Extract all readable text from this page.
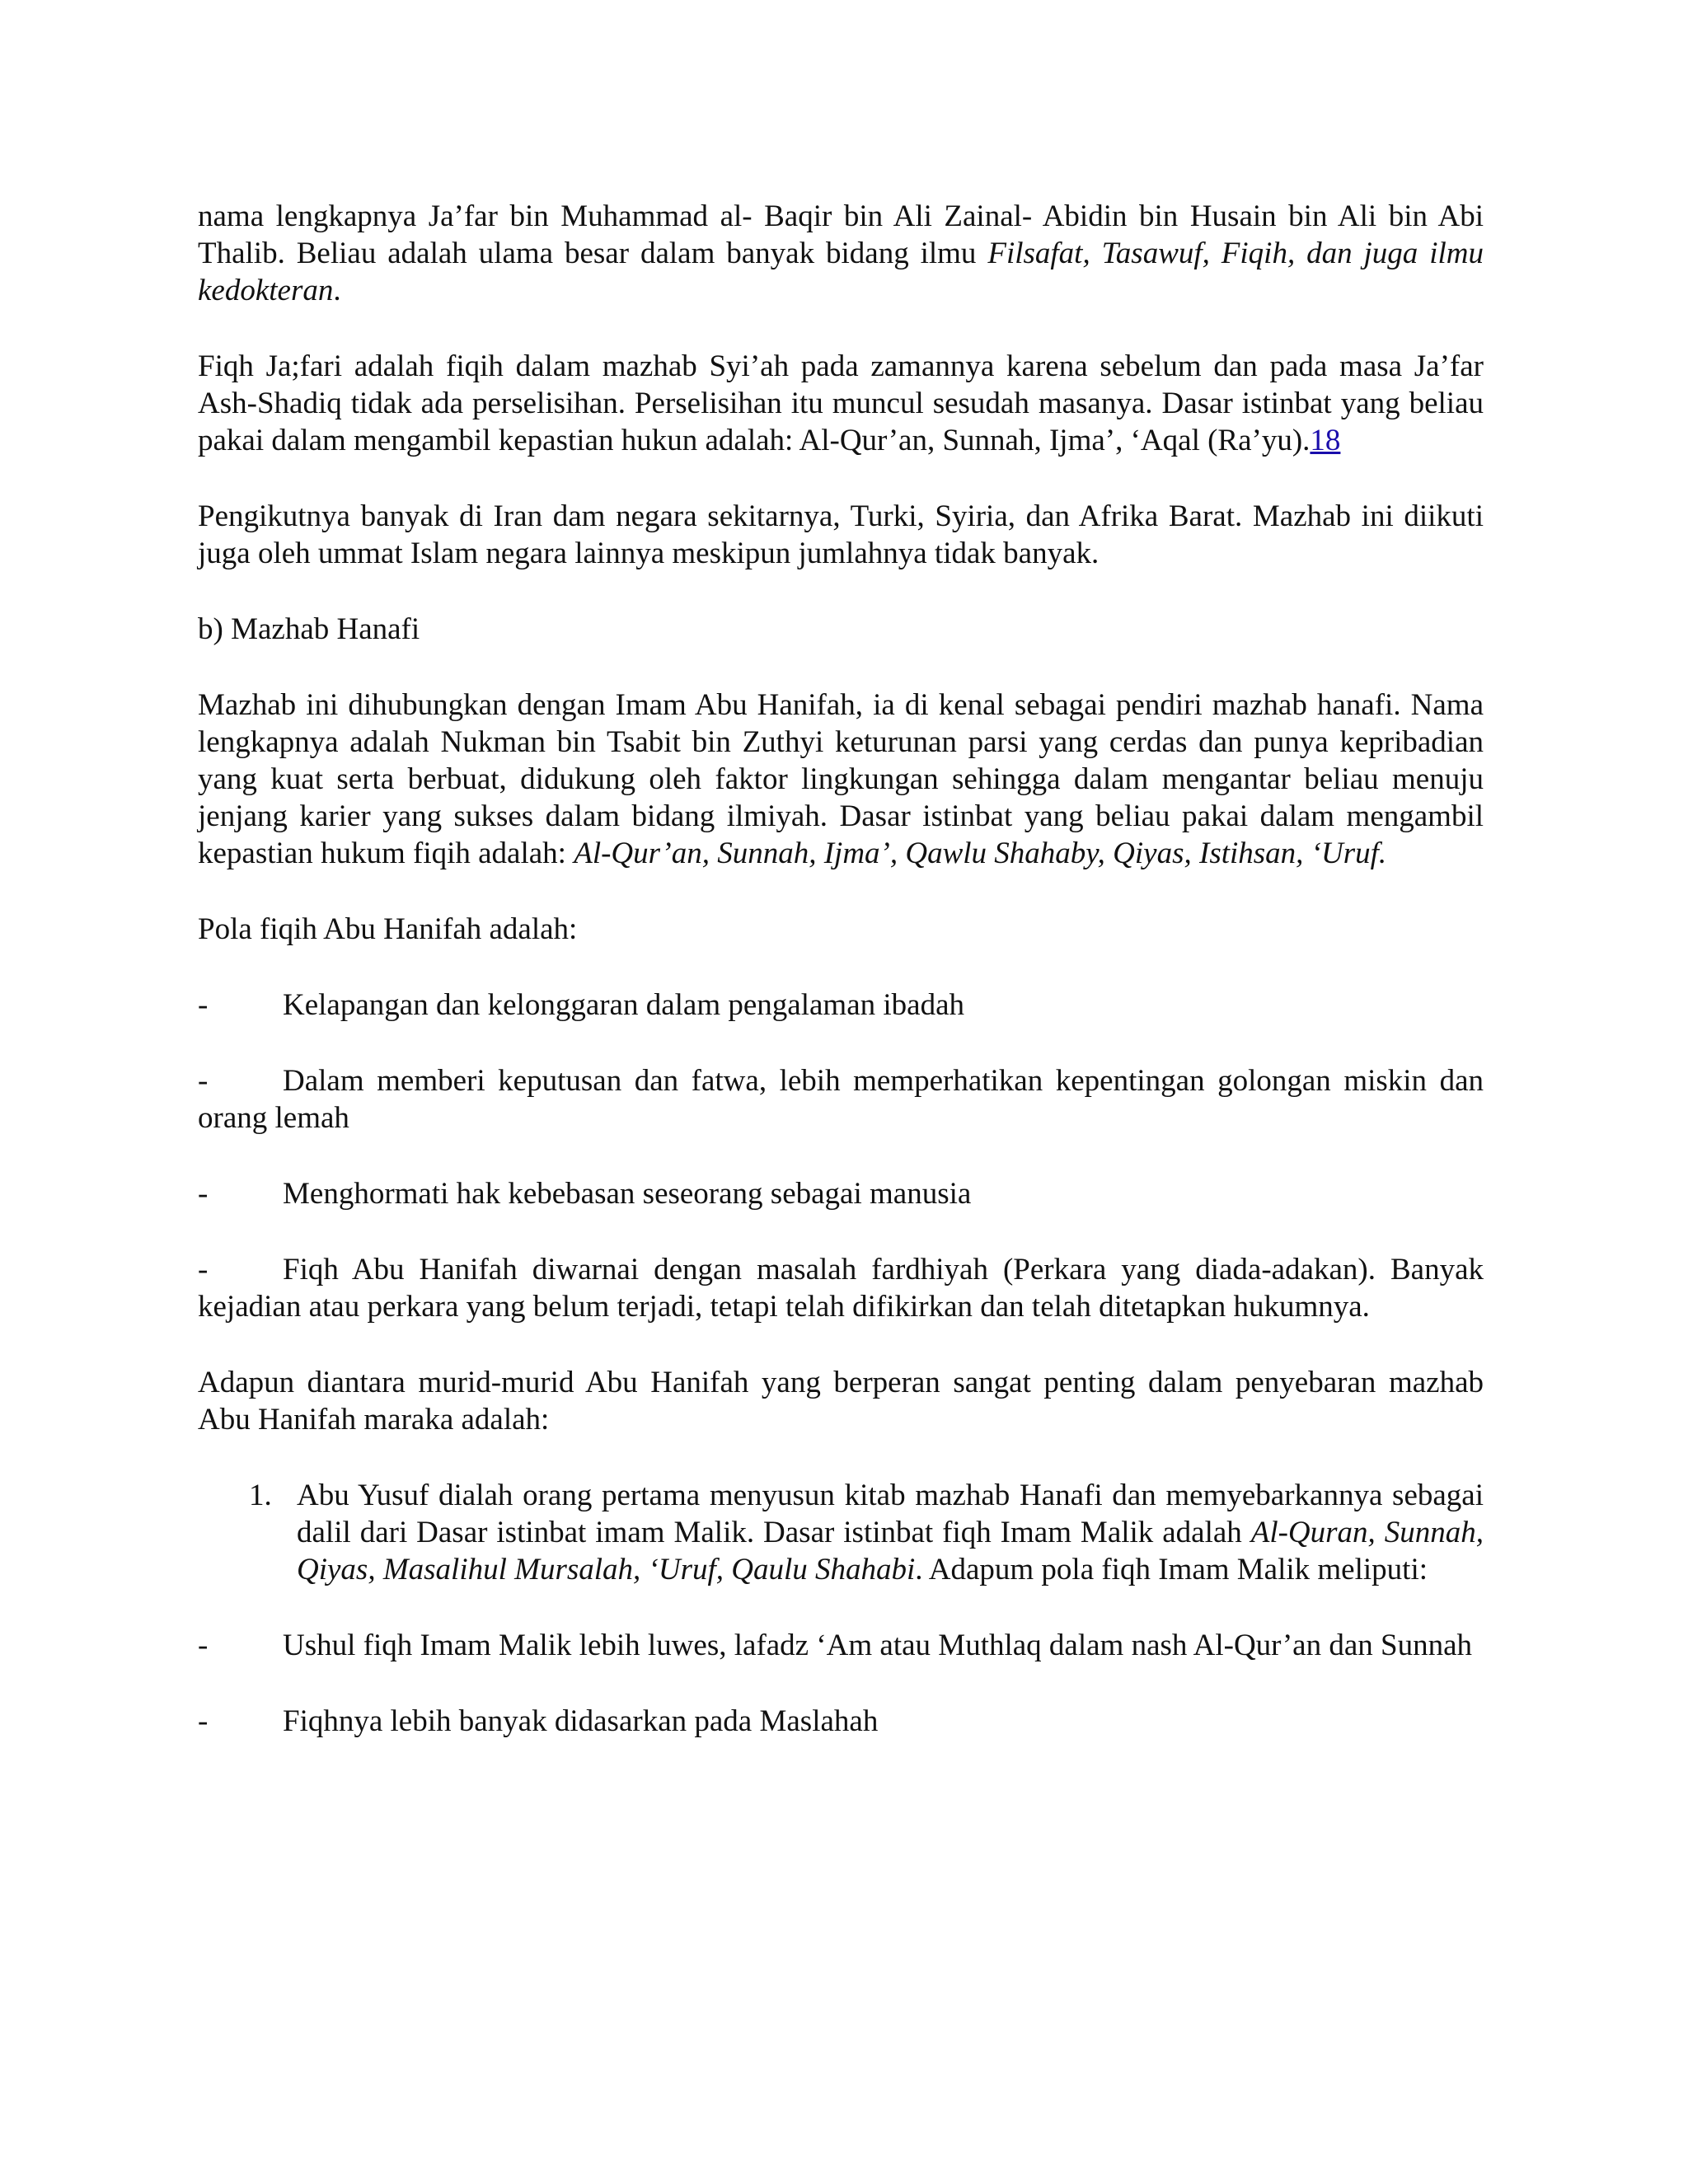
nama lengkapnya Ja’far bin Muhammad al- Baqir bin Ali Zainal- Abidin bin Husain bin Ali bin Abi Thalib. Beliau adalah ulama besar dalam banyak bidang ilmu Filsafat, Tasawuf, Fiqih, dan juga ilmu kedokteran.

Fiqh Ja;fari adalah fiqih dalam mazhab Syi’ah pada zamannya karena sebelum dan pada masa Ja’far Ash-Shadiq tidak ada perselisihan. Perselisihan itu muncul sesudah masanya. Dasar istinbat yang beliau pakai dalam mengambil kepastian hukun adalah: Al-Qur’an, Sunnah, Ijma’, ‘Aqal (Ra’yu).18

Pengikutnya banyak di Iran dam negara sekitarnya, Turki, Syiria, dan Afrika Barat. Mazhab ini diikuti juga oleh ummat Islam negara lainnya meskipun jumlahnya tidak banyak.

b) Mazhab Hanafi

Mazhab ini dihubungkan dengan Imam Abu Hanifah, ia di kenal sebagai pendiri mazhab hanafi. Nama lengkapnya adalah Nukman bin Tsabit bin Zuthyi keturunan parsi yang cerdas dan punya kepribadian yang kuat serta berbuat, didukung oleh faktor lingkungan sehingga dalam mengantar beliau menuju jenjang karier yang sukses dalam bidang ilmiyah. Dasar istinbat yang beliau pakai dalam mengambil kepastian hukum fiqih adalah: Al-Qur’an, Sunnah, Ijma’, Qawlu Shahaby, Qiyas, Istihsan, ‘Uruf.

Pola fiqih Abu Hanifah adalah:

- Kelapangan dan kelonggaran dalam pengalaman ibadah
- Dalam memberi keputusan dan fatwa, lebih memperhatikan kepentingan golongan miskin dan orang lemah
- Menghormati hak kebebasan seseorang sebagai manusia
- Fiqh Abu Hanifah diwarnai dengan masalah fardhiyah (Perkara yang diada-adakan). Banyak kejadian atau perkara yang belum terjadi, tetapi telah difikirkan dan telah ditetapkan hukumnya.

Adapun diantara murid-murid Abu Hanifah yang berperan sangat penting dalam penyebaran mazhab Abu Hanifah maraka adalah:

1. Abu Yusuf dialah orang pertama menyusun kitab mazhab Hanafi dan memyebarkannya sebagai dalil dari Dasar istinbat imam Malik. Dasar istinbat fiqh Imam Malik adalah Al-Quran, Sunnah, Qiyas, Masalihul Mursalah, ‘Uruf, Qaulu Shahabi. Adapum pola fiqh Imam Malik meliputi:
- Ushul fiqh Imam Malik lebih luwes, lafadz ‘Am atau Muthlaq dalam nash Al-Qur’an dan Sunnah
- Fiqhnya lebih banyak didasarkan pada Maslahah
